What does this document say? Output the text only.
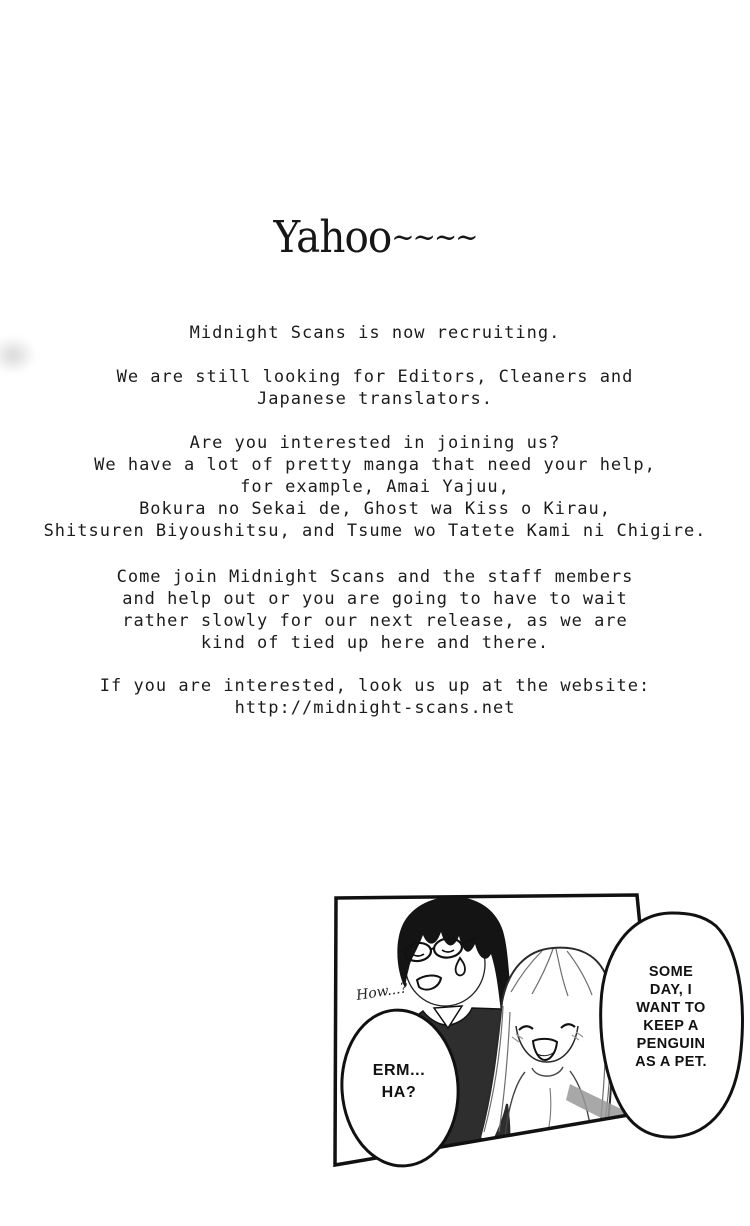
Yahoo~~~~

Midnight Scans is now recruiting.

We are still looking for Editors, Cleaners and
Japanese translators.

Are you interested in joining us?
We have a lot of pretty manga that need your help,
for example, Amai Yajuu,
Bokura no Sekai de, Ghost wa Kiss o Kirau,
Shitsuren Biyoushitsu, and Tsume wo Tatete Kami ni Chigire.

Come join Midnight Scans and the staff members
and help out or you are going to have to wait
rather slowly for our next release, as we are
kind of tied up here and there.

If you are interested, look us up at the website:
http://midnight-scans.net

How...?
ERM...
HA?
SOME
DAY, I
WANT TO
KEEP A
PENGUIN
AS A PET.
